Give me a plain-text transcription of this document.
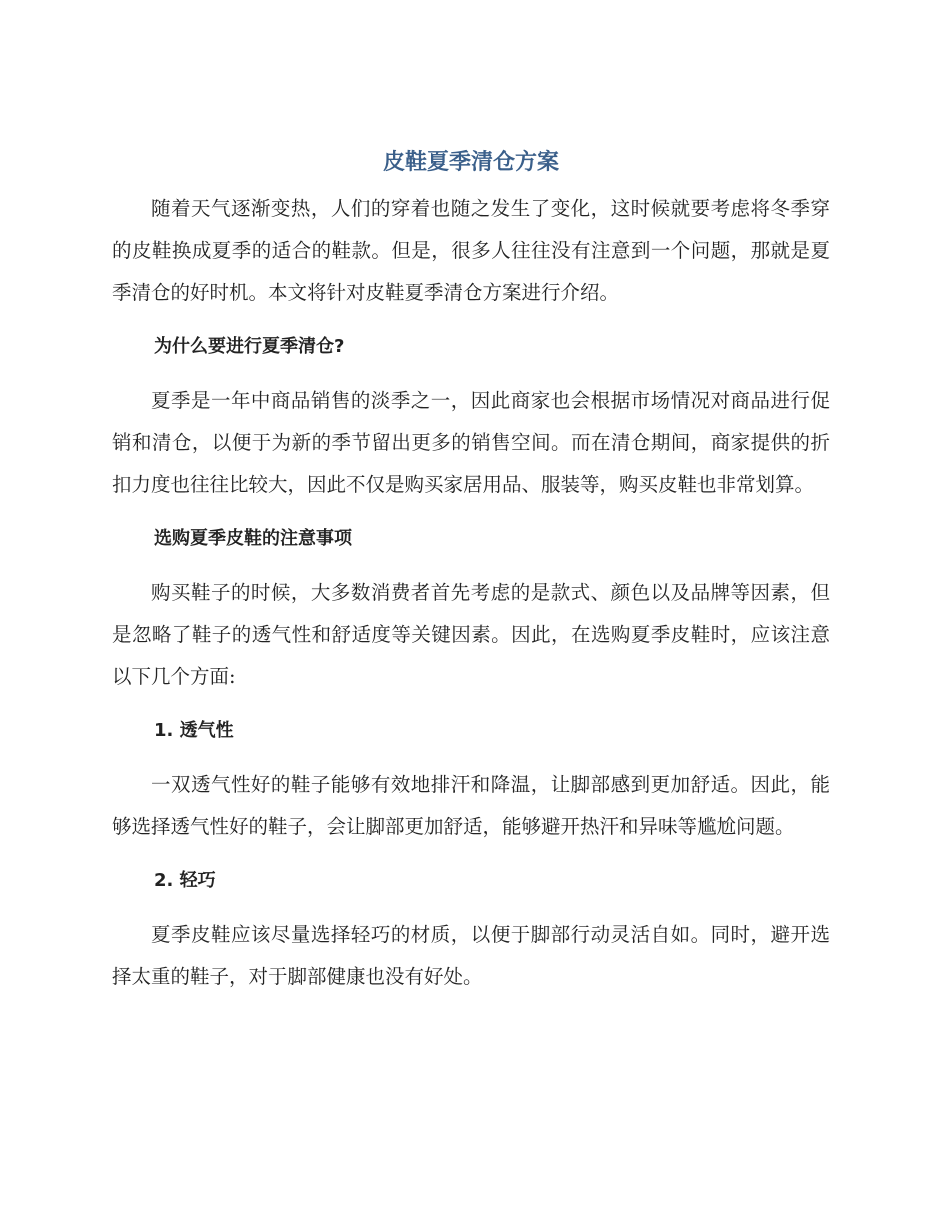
皮鞋夏季清仓方案

随着天气逐渐变热，人们的穿着也随之发生了变化，这时候就要考虑将冬季穿的皮鞋换成夏季的适合的鞋款。但是，很多人往往没有注意到一个问题，那就是夏季清仓的好时机。本文将针对皮鞋夏季清仓方案进行介绍。

为什么要进行夏季清仓?

夏季是一年中商品销售的淡季之一，因此商家也会根据市场情况对商品进行促销和清仓，以便于为新的季节留出更多的销售空间。而在清仓期间，商家提供的折扣力度也往往比较大，因此不仅是购买家居用品、服装等，购买皮鞋也非常划算。

选购夏季皮鞋的注意事项

购买鞋子的时候，大多数消费者首先考虑的是款式、颜色以及品牌等因素，但是忽略了鞋子的透气性和舒适度等关键因素。因此，在选购夏季皮鞋时，应该注意以下几个方面:

1. 透气性

一双透气性好的鞋子能够有效地排汗和降温，让脚部感到更加舒适。因此，能够选择透气性好的鞋子，会让脚部更加舒适，能够避开热汗和异味等尴尬问题。

2. 轻巧

夏季皮鞋应该尽量选择轻巧的材质，以便于脚部行动灵活自如。同时，避开选择太重的鞋子，对于脚部健康也没有好处。
